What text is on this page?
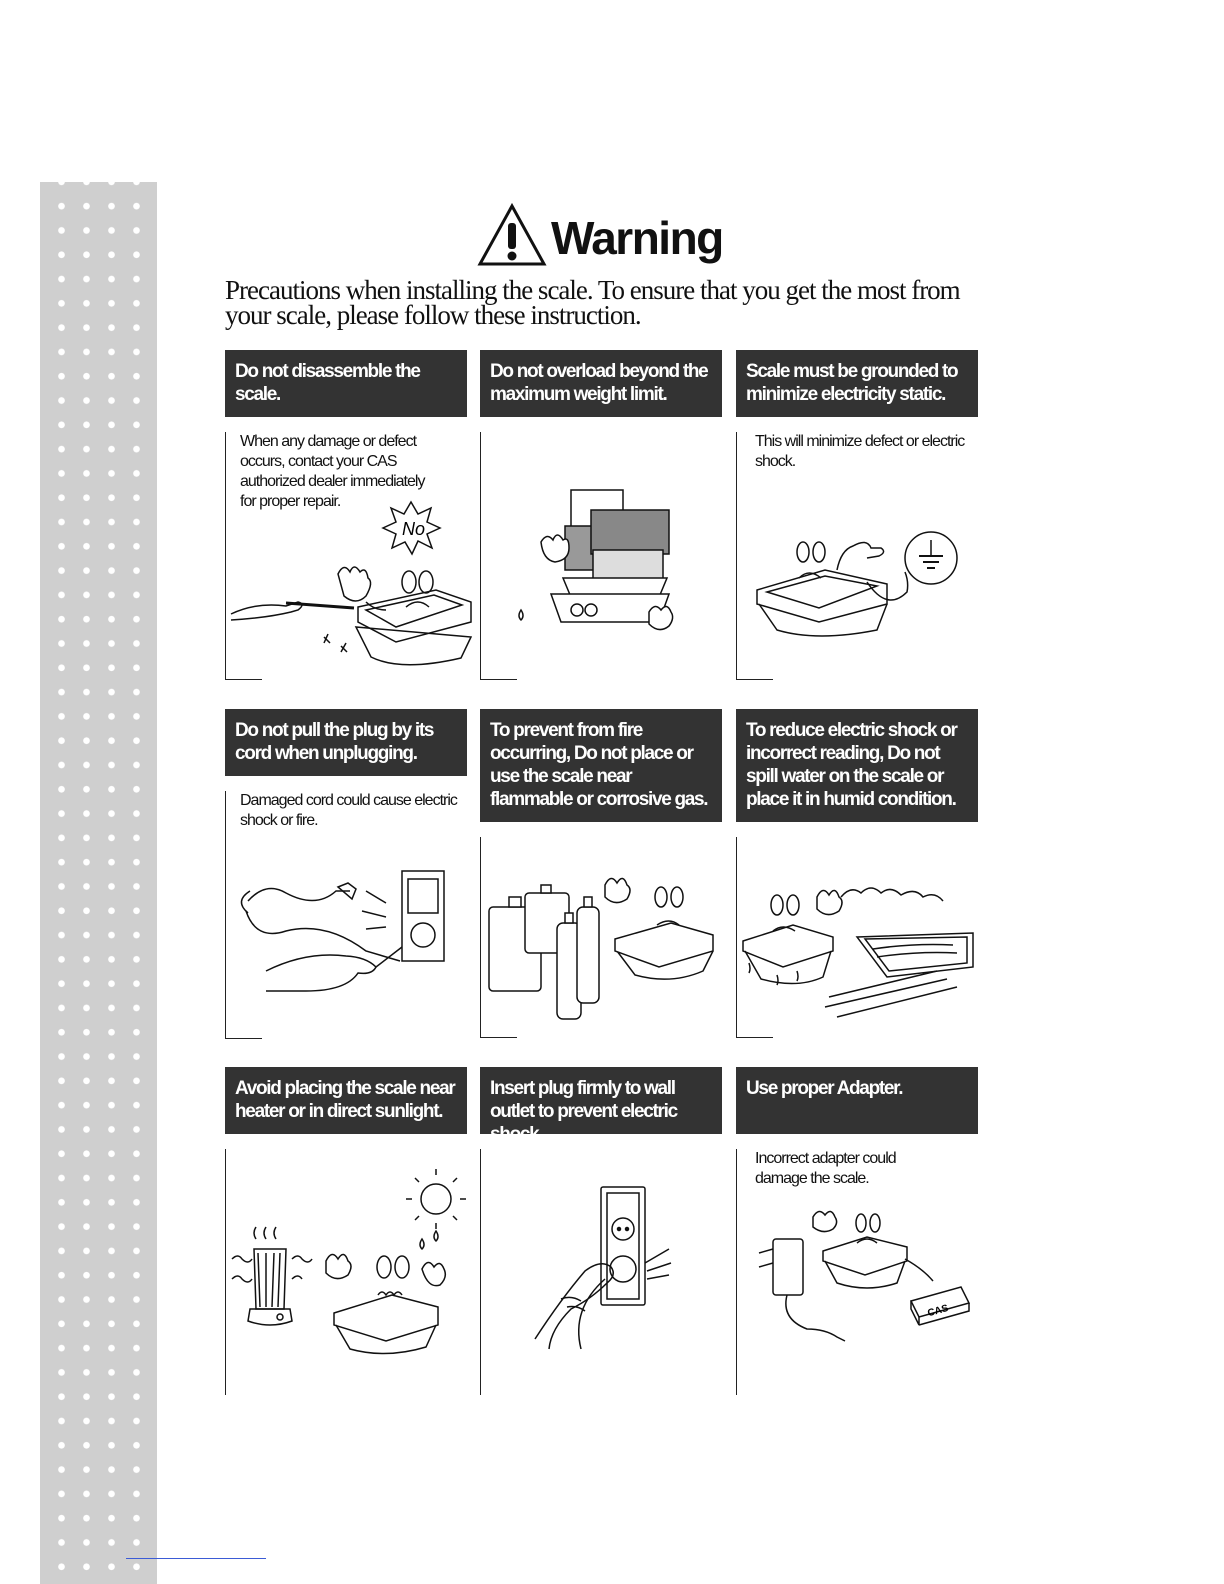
Warning
Precautions when installing the scale. To ensure that you get the most from your scale, please follow these instruction.
Do not disassemble the scale.
When any damage or defect occurs, contact your CAS authorized dealer immediately for proper repair.
No
Do not overload beyond the maximum weight limit.
Scale must be grounded to minimize electricity static.
This will minimize defect or electric shock.
Do not pull the plug by its cord when unplugging.
Damaged cord could cause electric shock or fire.
To prevent from fire occurring, Do not place or use the scale near flammable or corrosive gas.
To reduce electric shock or incorrect reading, Do not spill water on the scale or place it in humid condition.
Avoid placing the scale near heater or in direct sunlight.
Insert plug firmly to wall outlet to prevent electric shock.
Use proper Adapter.
Incorrect adapter could damage the scale.
CAS
